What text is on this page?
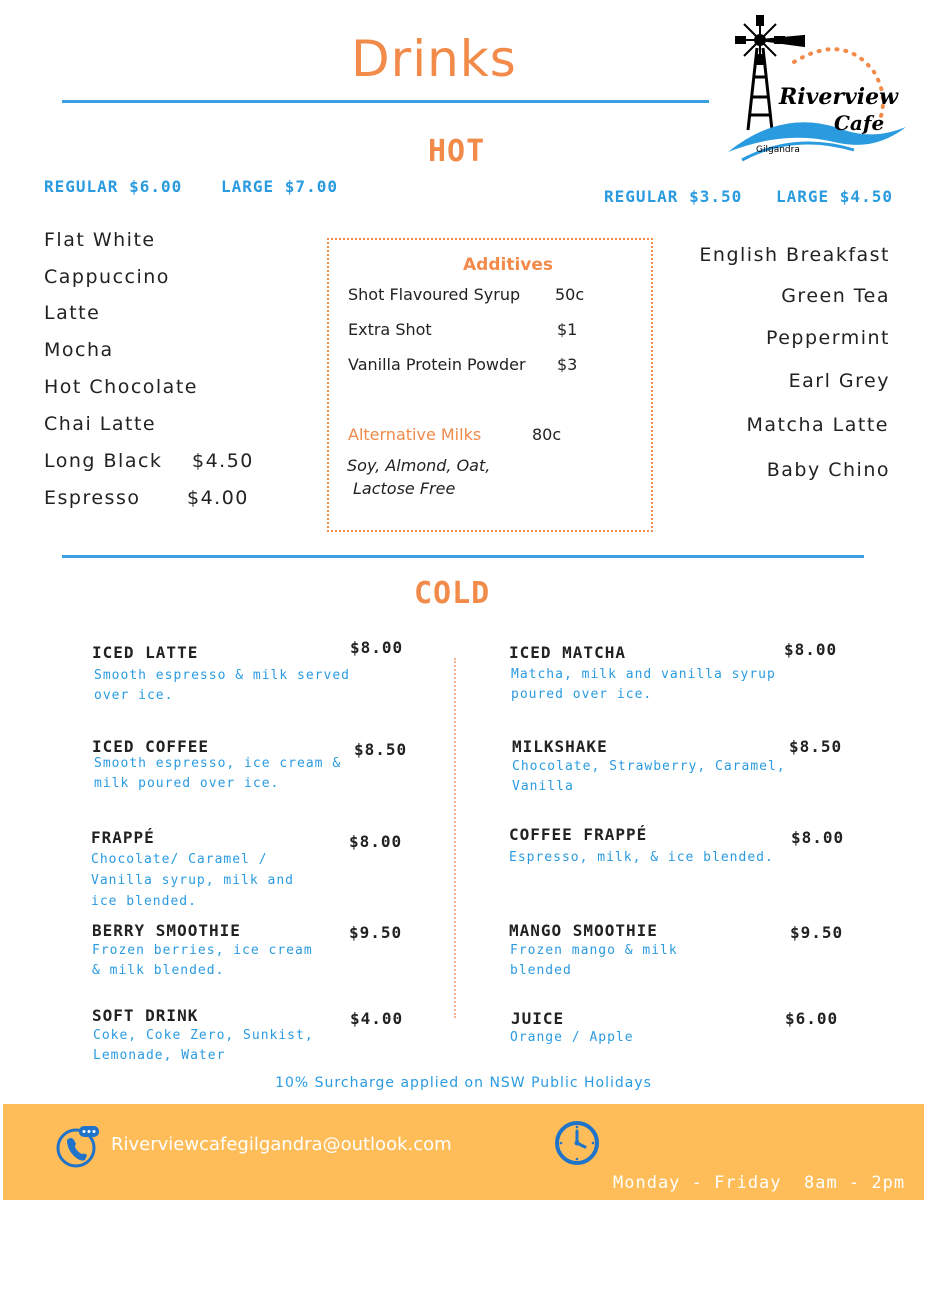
Drinks
Riverview
Cafe
Gilgandra
HOT
REGULAR $6.00 LARGE $7.00
REGULAR $3.50 LARGE $4.50
Flat White
Cappuccino
Latte
Mocha
Hot Chocolate
Chai Latte
Long Black $4.50
Espresso $4.00
Additives
Shot Flavoured Syrup 50c
Extra Shot	$1
Vanilla Protein Powder $3
Alternative Milks	80c
Soy, Almond, Oat,
Lactose Free
English Breakfast
Green Tea
Peppermint
Earl Grey
Matcha Latte
Baby Chino
COLD
ICED LATTE	$8.00
Smooth espresso & milk served
over ice.
ICED COFFEE	$8.50
Smooth espresso, ice cream &
milk poured over ice.
FRAPPÉ	$8.00
Chocolate/ Caramel /
Vanilla syrup, milk and
ice blended.
BERRY SMOOTHIE	$9.50
Frozen berries, ice cream
& milk blended.
SOFT DRINK	$4.00
Coke, Coke Zero, Sunkist,
Lemonade, Water
ICED MATCHA	$8.00
Matcha, milk and vanilla syrup
poured over ice.
MILKSHAKE	$8.50
Chocolate, Strawberry, Caramel,
Vanilla
COFFEE FRAPPÉ	$8.00
Espresso, milk, & ice blended.
MANGO SMOOTHIE	$9.50
Frozen mango & milk
blended
JUICE	$6.00
Orange / Apple
10% Surcharge applied on NSW Public Holidays
Riverviewcafegilgandra@outlook.com

Monday - Friday  8am - 2pm

Saturday / Sunday 8am -2pm
